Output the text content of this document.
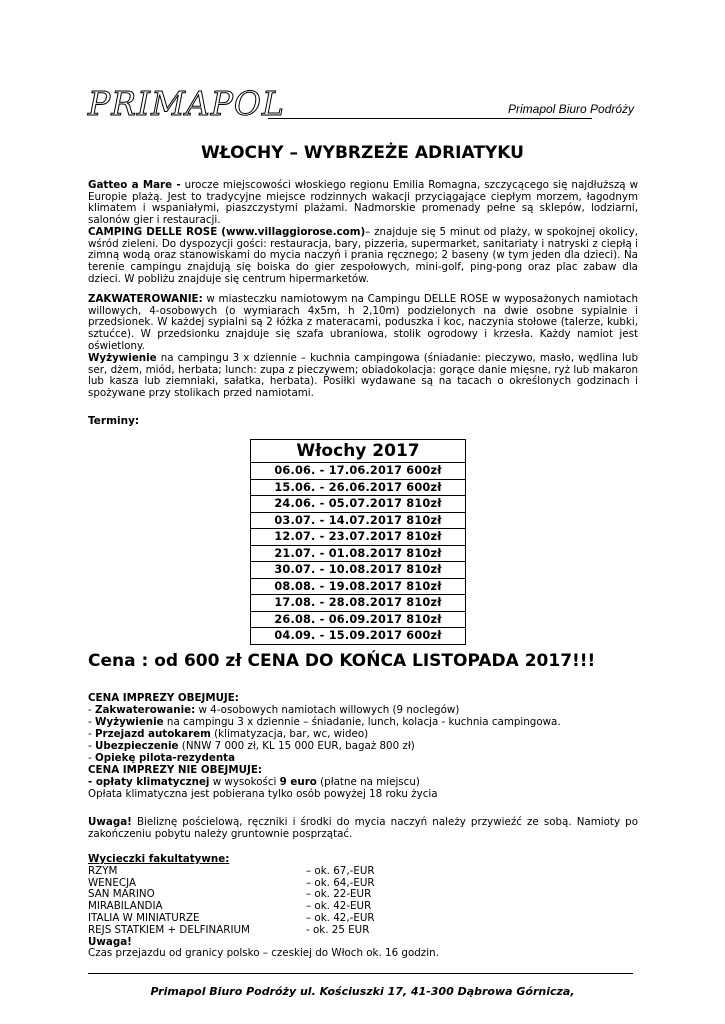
PRIMAPOL	Primapol Biuro Podróży
WŁOCHY – WYBRZEŻE ADRIATYKU

Gatteo a Mare - urocze miejscowości włoskiego regionu Emilia Romagna, szczycącego się najdłuższą w Europie plażą. Jest to tradycyjne miejsce rodzinnych wakacji przyciągające ciepłym morzem, łagodnym klimatem i wspaniałymi, piaszczystymi plażami. Nadmorskie promenady pełne są sklepów, lodziarni, salonów gier i restauracji.

CAMPING DELLE ROSE (www.villaggiorose.com)– znajduje się 5 minut od plaży, w spokojnej okolicy, wśród zieleni. Do dyspozycji gości: restauracja, bary, pizzeria, supermarket, sanitariaty i natryski z ciepłą i zimną wodą oraz stanowiskami do mycia naczyń i prania ręcznego; 2 baseny (w tym jeden dla dzieci). Na terenie campingu znajdują się boiska do gier zespołowych, mini-golf, ping-pong oraz plac zabaw dla dzieci. W pobliżu znajduje się centrum hipermarketów.

ZAKWATEROWANIE: w miasteczku namiotowym na Campingu DELLE ROSE w wyposażonych namiotach willowych, 4-osobowych (o wymiarach 4x5m, h 2,10m) podzielonych na dwie osobne sypialnie i przedsionek. W każdej sypialni są 2 łóżka z materacami, poduszka i koc, naczynia stołowe (talerze, kubki, sztućce). W przedsionku znajduje się szafa ubraniowa, stolik ogrodowy i krzesła. Każdy namiot jest oświetlony.

Wyżywienie na campingu 3 x dziennie – kuchnia campingowa (śniadanie: pieczywo, masło, wędlina lub ser, dżem, miód, herbata; lunch: zupa z pieczywem; obiadokolacja: gorące danie mięsne, ryż lub makaron lub kasza lub ziemniaki, sałatka, herbata). Posiłki wydawane są na tacach o określonych godzinach i spożywane przy stolikach przed namiotami.

Terminy:
Włochy 2017
06.06. - 17.06.2017 600zł
15.06. - 26.06.2017 600zł
24.06. - 05.07.2017 810zł
03.07. - 14.07.2017 810zł
12.07. - 23.07.2017 810zł
21.07. - 01.08.2017 810zł
30.07. - 10.08.2017 810zł
08.08. - 19.08.2017 810zł
17.08. - 28.08.2017 810zł
26.08. - 06.09.2017 810zł
04.09. - 15.09.2017 600zł
Cena : od 600 zł CENA DO KOŃCA LISTOPADA 2017!!!
CENA IMPREZY OBEJMUJE:
- Zakwaterowanie: w 4-osobowych namiotach willowych (9 noclegów)
- Wyżywienie na campingu 3 x dziennie – śniadanie, lunch, kolacja - kuchnia campingowa.
- Przejazd autokarem (klimatyzacja, bar, wc, wideo)
- Ubezpieczenie (NNW 7 000 zł, KL 15 000 EUR, bagaż 800 zł)
- Opiekę pilota-rezydenta
CENA IMPREZY NIE OBEJMUJE:
- opłaty klimatycznej w wysokości 9 euro (płatne na miejscu)
Opłata klimatyczna jest pobierana tylko osób powyżej 18 roku życia

Uwaga! Bieliznę pościelową, ręczniki i środki do mycia naczyń należy przywieźć ze sobą. Namioty po zakończeniu pobytu należy gruntownie posprzątać.

Wycieczki fakultatywne:
RZYM	– ok. 67,-EUR
WENECJA	– ok. 64,-EUR
SAN MARINO	– ok. 22-EUR
MIRABILANDIA	– ok. 42-EUR
ITALIA W MINIATURZE	– ok. 42,-EUR
REJS STATKIEM + DELFINARIUM	- ok. 25 EUR
Uwaga!
Czas przejazdu od granicy polsko – czeskiej do Włoch ok. 16 godzin.
Primapol Biuro Podróży ul. Kościuszki 17, 41-300 Dąbrowa Górnicza,
